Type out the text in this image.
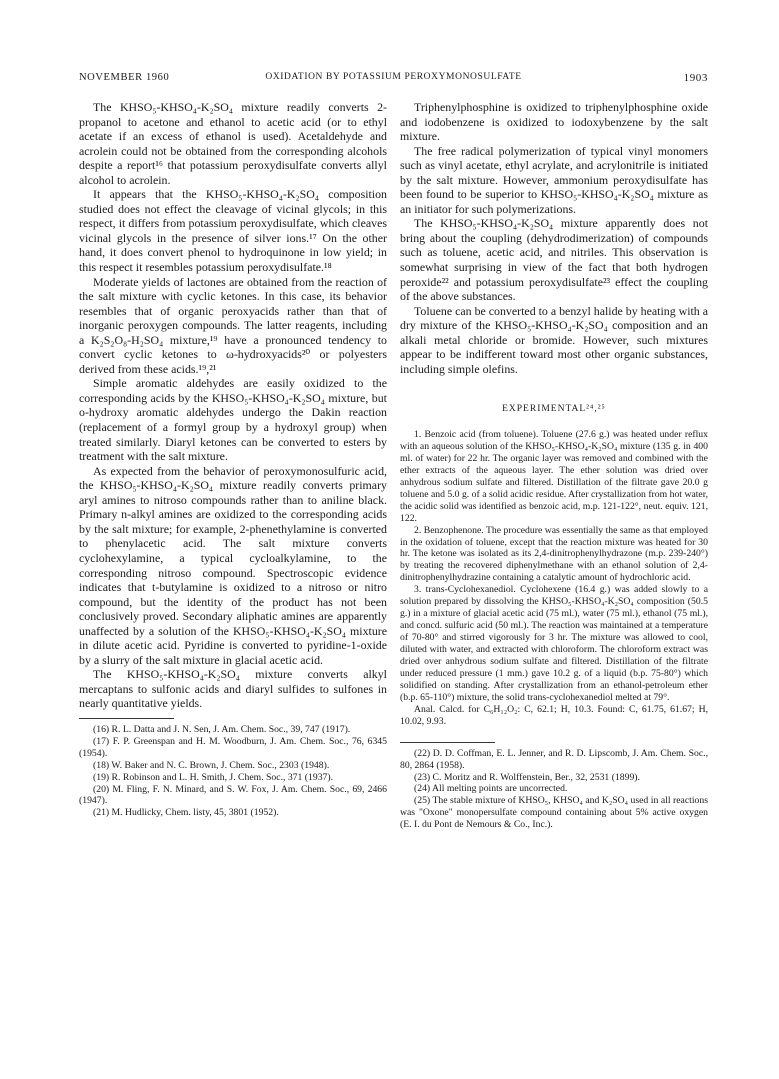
NOVEMBER 1960	OXIDATION BY POTASSIUM PEROXYMONOSULFATE	1903

The KHSO₅-KHSO₄-K₂SO₄ mixture readily converts 2-propanol to acetone and ethanol to acetic acid (or to ethyl acetate if an excess of ethanol is used). Acetaldehyde and acrolein could not be obtained from the corresponding alcohols despite a report¹⁶ that potassium peroxydisulfate converts allyl alcohol to acrolein.

It appears that the KHSO₅-KHSO₄-K₂SO₄ composition studied does not effect the cleavage of vicinal glycols; in this respect, it differs from potassium peroxydisulfate, which cleaves vicinal glycols in the presence of silver ions.¹⁷ On the other hand, it does convert phenol to hydroquinone in low yield; in this respect it resembles potassium peroxydisulfate.¹⁸

Moderate yields of lactones are obtained from the reaction of the salt mixture with cyclic ketones. In this case, its behavior resembles that of organic peroxyacids rather than that of inorganic peroxygen compounds. The latter reagents, including a K₂S₂O₈-H₂SO₄ mixture,¹⁹ have a pronounced tendency to convert cyclic ketones to ω-hydroxyacids²⁰ or polyesters derived from these acids.¹⁹,²¹

Simple aromatic aldehydes are easily oxidized to the corresponding acids by the KHSO₅-KHSO₄-K₂SO₄ mixture, but o-hydroxy aromatic aldehydes undergo the Dakin reaction (replacement of a formyl group by a hydroxyl group) when treated similarly. Diaryl ketones can be converted to esters by treatment with the salt mixture.

As expected from the behavior of peroxymonosulfuric acid, the KHSO₅-KHSO₄-K₂SO₄ mixture readily converts primary aryl amines to nitroso compounds rather than to aniline black. Primary n-alkyl amines are oxidized to the corresponding acids by the salt mixture; for example, 2-phenethylamine is converted to phenylacetic acid. The salt mixture converts cyclohexylamine, a typical cycloalkylamine, to the corresponding nitroso compound. Spectroscopic evidence indicates that t-butylamine is oxidized to a nitroso or nitro compound, but the identity of the product has not been conclusively proved. Secondary aliphatic amines are apparently unaffected by a solution of the KHSO₅-KHSO₄-K₂SO₄ mixture in dilute acetic acid. Pyridine is converted to pyridine-1-oxide by a slurry of the salt mixture in glacial acetic acid.

The KHSO₅-KHSO₄-K₂SO₄ mixture converts alkyl mercaptans to sulfonic acids and diaryl sulfides to sulfones in nearly quantitative yields.

(16) R. L. Datta and J. N. Sen, J. Am. Chem. Soc., 39, 747 (1917).

(17) F. P. Greenspan and H. M. Woodburn, J. Am. Chem. Soc., 76, 6345 (1954).

(18) W. Baker and N. C. Brown, J. Chem. Soc., 2303 (1948).

(19) R. Robinson and L. H. Smith, J. Chem. Soc., 371 (1937).

(20) M. Fling, F. N. Minard, and S. W. Fox, J. Am. Chem. Soc., 69, 2466 (1947).

(21) M. Hudlicky, Chem. listy, 45, 3801 (1952).

Triphenylphosphine is oxidized to triphenylphosphine oxide and iodobenzene is oxidized to iodoxybenzene by the salt mixture.

The free radical polymerization of typical vinyl monomers such as vinyl acetate, ethyl acrylate, and acrylonitrile is initiated by the salt mixture. However, ammonium peroxydisulfate has been found to be superior to KHSO₅-KHSO₄-K₂SO₄ mixture as an initiator for such polymerizations.

The KHSO₅-KHSO₄-K₂SO₄ mixture apparently does not bring about the coupling (dehydrodimerization) of compounds such as toluene, acetic acid, and nitriles. This observation is somewhat surprising in view of the fact that both hydrogen peroxide²² and potassium peroxydisulfate²³ effect the coupling of the above substances.

Toluene can be converted to a benzyl halide by heating with a dry mixture of the KHSO₅-KHSO₄-K₂SO₄ composition and an alkali metal chloride or bromide. However, such mixtures appear to be indifferent toward most other organic substances, including simple olefins.

EXPERIMENTAL²⁴,²⁵

1. Benzoic acid (from toluene). Toluene (27.6 g.) was heated under reflux with an aqueous solution of the KHSO₅-KHSO₄-K₂SO₄ mixture (135 g. in 400 ml. of water) for 22 hr. The organic layer was removed and combined with the ether extracts of the aqueous layer. The ether solution was dried over anhydrous sodium sulfate and filtered. Distillation of the filtrate gave 20.0 g toluene and 5.0 g. of a solid acidic residue. After crystallization from hot water, the acidic solid was identified as benzoic acid, m.p. 121-122°, neut. equiv. 121, 122.

2. Benzophenone. The procedure was essentially the same as that employed in the oxidation of toluene, except that the reaction mixture was heated for 30 hr. The ketone was isolated as its 2,4-dinitrophenylhydrazone (m.p. 239-240°) by treating the recovered diphenylmethane with an ethanol solution of 2,4-dinitrophenylhydrazine containing a catalytic amount of hydrochloric acid.

3. trans-Cyclohexanediol. Cyclohexene (16.4 g.) was added slowly to a solution prepared by dissolving the KHSO₅-KHSO₄-K₂SO₄ composition (50.5 g.) in a mixture of glacial acetic acid (75 ml.), water (75 ml.), ethanol (75 ml.), and concd. sulfuric acid (50 ml.). The reaction was maintained at a temperature of 70-80° and stirred vigorously for 3 hr. The mixture was allowed to cool, diluted with water, and extracted with chloroform. The chloroform extract was dried over anhydrous sodium sulfate and filtered. Distillation of the filtrate under reduced pressure (1 mm.) gave 10.2 g. of a liquid (b.p. 75-80°) which solidified on standing. After crystallization from an ethanol-petroleum ether (b.p. 65-110°) mixture, the solid trans-cyclohexanediol melted at 79°.

Anal. Calcd. for C₆H₁₂O₂: C, 62.1; H, 10.3. Found: C, 61.75, 61.67; H, 10.02, 9.93.

(22) D. D. Coffman, E. L. Jenner, and R. D. Lipscomb, J. Am. Chem. Soc., 80, 2864 (1958).

(23) C. Moritz and R. Wolffenstein, Ber., 32, 2531 (1899).

(24) All melting points are uncorrected.

(25) The stable mixture of KHSO₅, KHSO₄ and K₂SO₄ used in all reactions was "Oxone" monopersulfate compound containing about 5% active oxygen (E. I. du Pont de Nemours & Co., Inc.).
